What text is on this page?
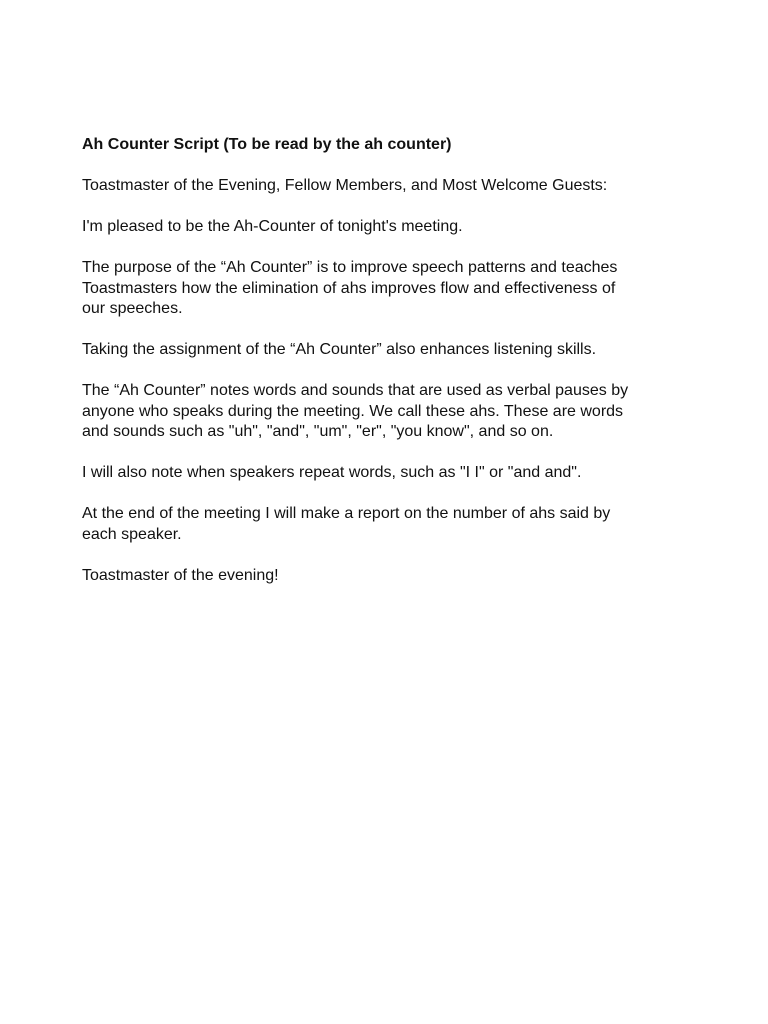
Ah Counter Script (To be read by the ah counter)
Toastmaster of the Evening, Fellow Members, and Most Welcome Guests:
I'm pleased to be the Ah-Counter of tonight's meeting.
The purpose of the “Ah Counter” is to improve speech patterns and teaches
Toastmasters how the elimination of ahs improves flow and effectiveness of
our speeches.
Taking the assignment of the “Ah Counter” also enhances listening skills.
The “Ah Counter” notes words and sounds that are used as verbal pauses by
anyone who speaks during the meeting. We call these ahs. These are words
and sounds such as "uh", "and", "um", "er", "you know", and so on.
I will also note when speakers repeat words, such as "I I" or "and and".
At the end of the meeting I will make a report on the number of ahs said by
each speaker.
Toastmaster of the evening!
